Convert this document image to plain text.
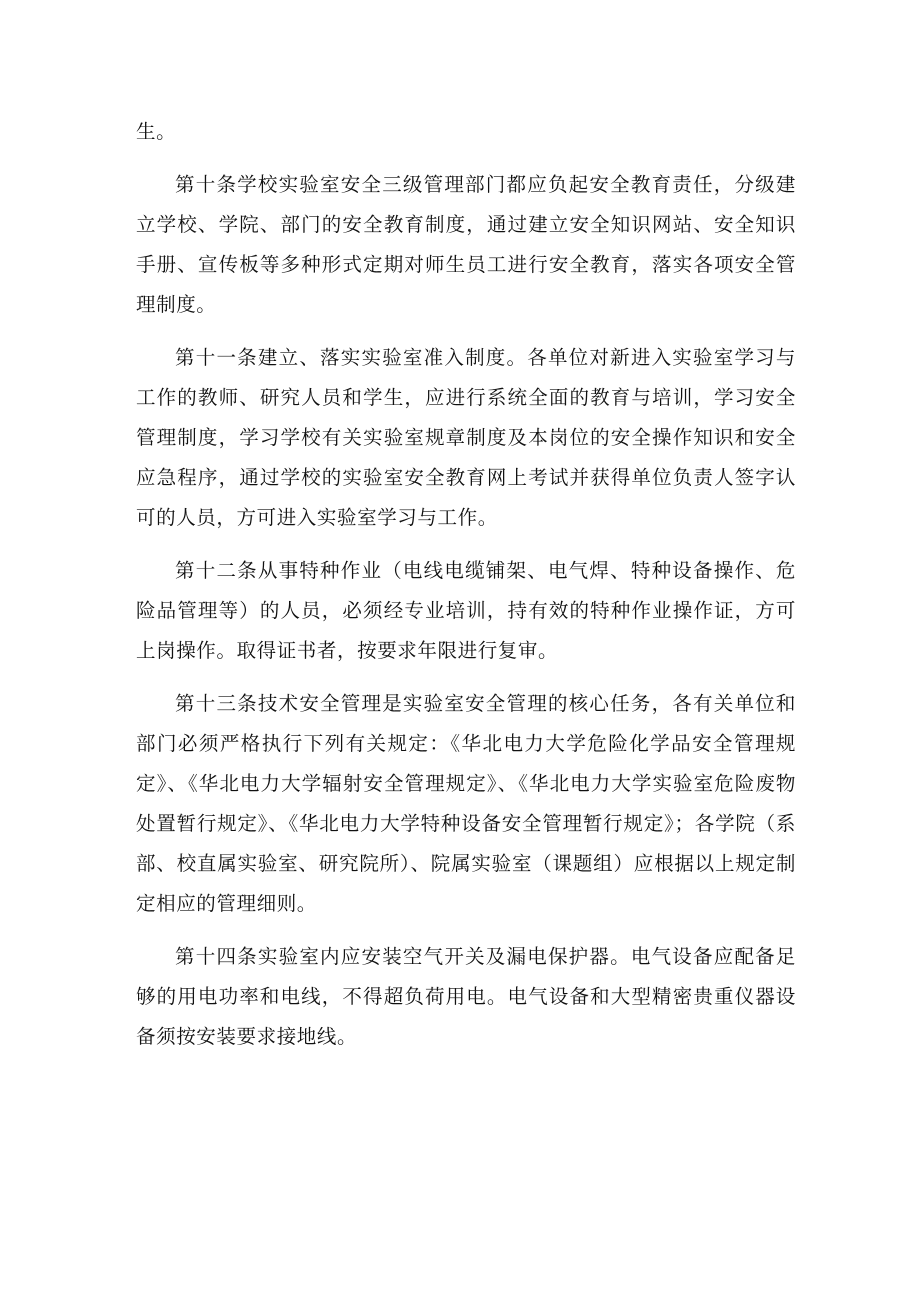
生。

第十条学校实验室安全三级管理部门都应负起安全教育责任，分级建立学校、学院、部门的安全教育制度，通过建立安全知识网站、安全知识手册、宣传板等多种形式定期对师生员工进行安全教育，落实各项安全管理制度。

第十一条建立、落实实验室准入制度。各单位对新进入实验室学习与工作的教师、研究人员和学生，应进行系统全面的教育与培训，学习安全管理制度，学习学校有关实验室规章制度及本岗位的安全操作知识和安全应急程序，通过学校的实验室安全教育网上考试并获得单位负责人签字认可的人员，方可进入实验室学习与工作。

第十二条从事特种作业（电线电缆铺架、电气焊、特种设备操作、危险品管理等）的人员，必须经专业培训，持有效的特种作业操作证，方可上岗操作。取得证书者，按要求年限进行复审。

第十三条技术安全管理是实验室安全管理的核心任务，各有关单位和部门必须严格执行下列有关规定：《华北电力大学危险化学品安全管理规定》、《华北电力大学辐射安全管理规定》、《华北电力大学实验室危险废物处置暂行规定》、《华北电力大学特种设备安全管理暂行规定》；各学院（系部、校直属实验室、研究院所）、院属实验室（课题组）应根据以上规定制定相应的管理细则。

第十四条实验室内应安装空气开关及漏电保护器。电气设备应配备足够的用电功率和电线，不得超负荷用电。电气设备和大型精密贵重仪器设备须按安装要求接地线。
